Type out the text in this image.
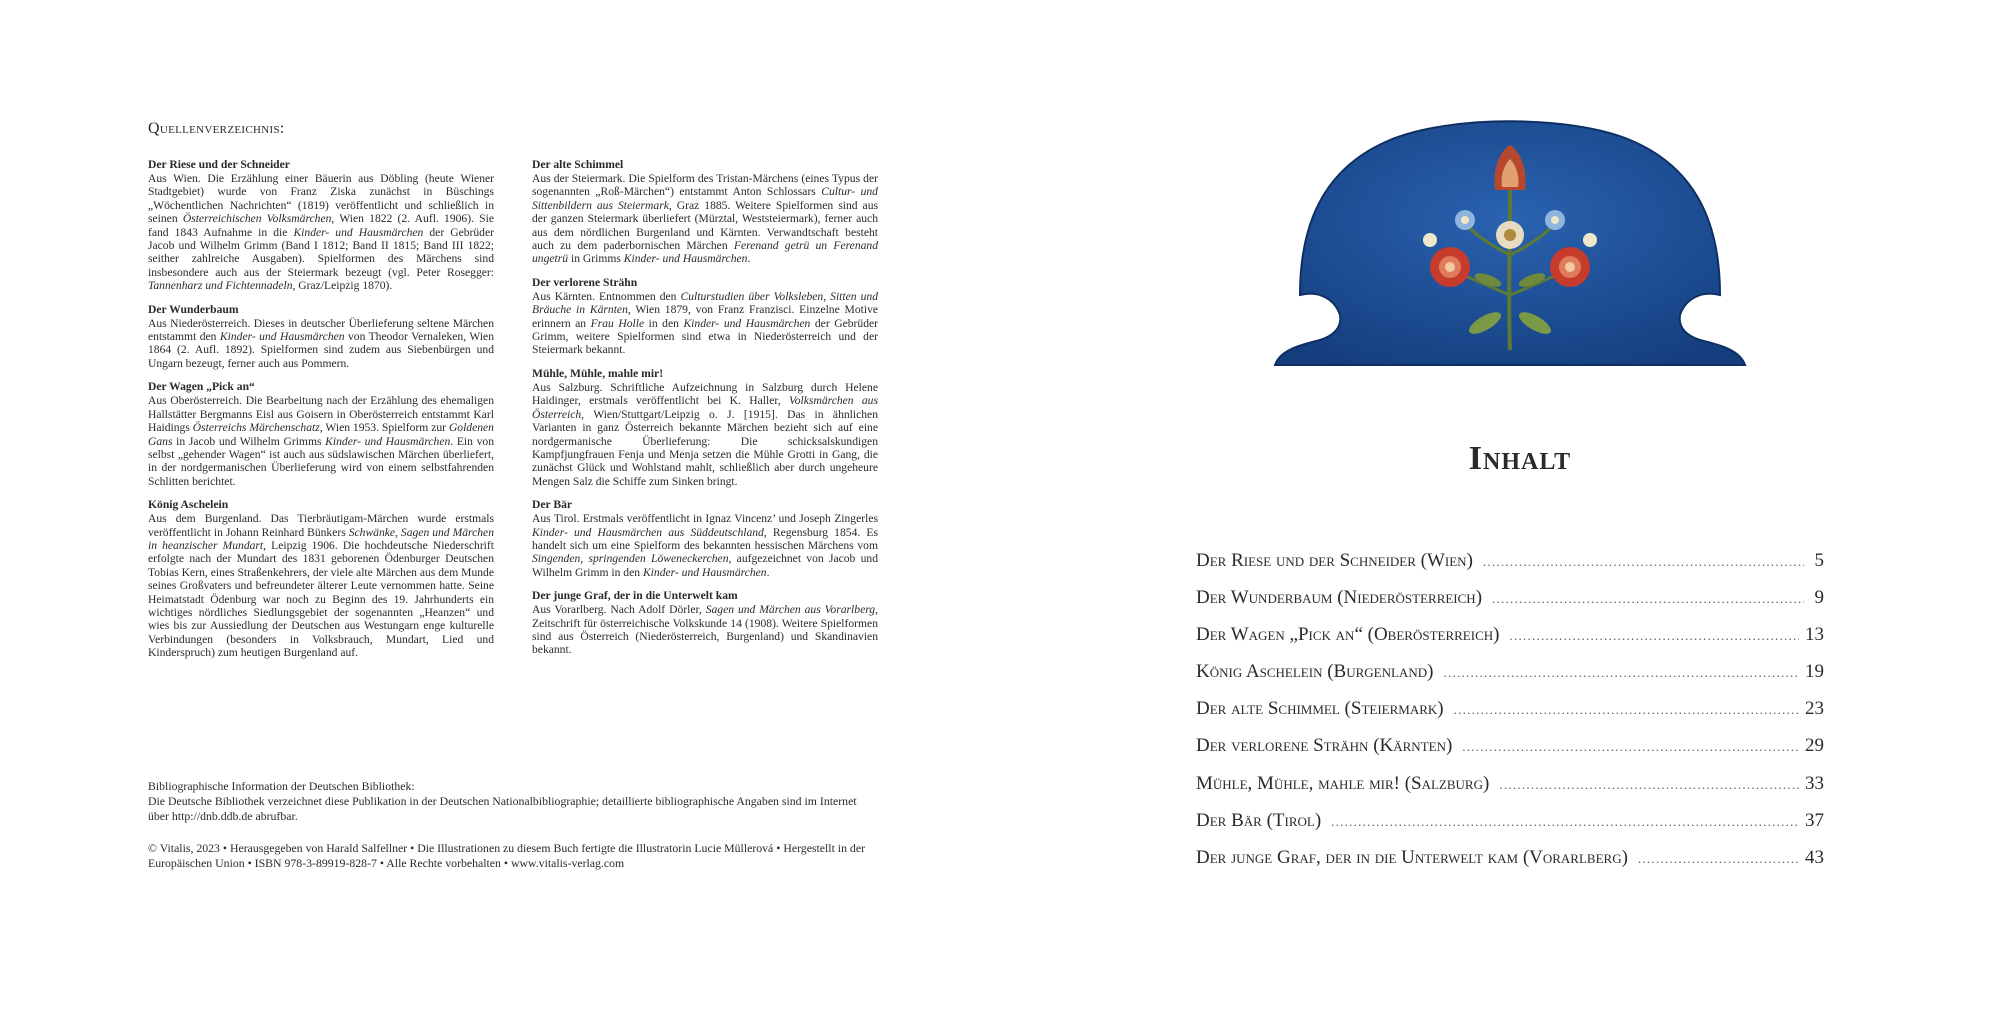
Quellenverzeichnis:
Der Riese und der Schneider
Aus Wien. Die Erzählung einer Bäuerin aus Döbling (heute Wiener Stadtgebiet) wurde von Franz Ziska zunächst in Büschings „Wöchentlichen Nachrichten“ (1819) veröffentlicht und schließlich in seinen Österreichischen Volksmärchen, Wien 1822 (2. Aufl. 1906). Sie fand 1843 Aufnahme in die Kinder- und Hausmärchen der Gebrüder Jacob und Wilhelm Grimm (Band I 1812; Band II 1815; Band III 1822; seither zahlreiche Ausgaben). Spielformen des Märchens sind insbesondere auch aus der Steiermark bezeugt (vgl. Peter Rosegger: Tannenharz und Fichtennadeln, Graz/Leipzig 1870).
Der Wunderbaum
Aus Niederösterreich. Dieses in deutscher Überlieferung seltene Märchen entstammt den Kinder- und Hausmärchen von Theodor Vernaleken, Wien 1864 (2. Aufl. 1892). Spielformen sind zudem aus Siebenbürgen und Ungarn bezeugt, ferner auch aus Pommern.
Der Wagen „Pick an“
Aus Oberösterreich. Die Bearbeitung nach der Erzählung des ehemaligen Hallstätter Bergmanns Eisl aus Goisern in Oberösterreich entstammt Karl Haidings Österreichs Märchenschatz, Wien 1953. Spielform zur Goldenen Gans in Jacob und Wilhelm Grimms Kinder- und Hausmärchen. Ein von selbst „gehender Wagen“ ist auch aus südslawischen Märchen überliefert, in der nordgermanischen Überlieferung wird von einem selbstfahrenden Schlitten berichtet.
König Aschelein
Aus dem Burgenland. Das Tierbräutigam-Märchen wurde erstmals veröffentlicht in Johann Reinhard Bünkers Schwänke, Sagen und Märchen in heanzischer Mundart, Leipzig 1906. Die hochdeutsche Niederschrift erfolgte nach der Mundart des 1831 geborenen Ödenburger Deutschen Tobias Kern, eines Straßenkehrers, der viele alte Märchen aus dem Munde seines Großvaters und befreundeter älterer Leute vernommen hatte. Seine Heimatstadt Ödenburg war noch zu Beginn des 19. Jahrhunderts ein wichtiges nördliches Siedlungsgebiet der sogenannten „Heanzen“ und wies bis zur Aussiedlung der Deutschen aus Westungarn enge kulturelle Verbindungen (besonders in Volksbrauch, Mundart, Lied und Kinderspruch) zum heutigen Burgenland auf.
Der alte Schimmel
Aus der Steiermark. Die Spielform des Tristan-Märchens (eines Typus der sogenannten „Roß-Märchen“) entstammt Anton Schlossars Cultur- und Sittenbildern aus Steiermark, Graz 1885. Weitere Spielformen sind aus der ganzen Steiermark überliefert (Mürztal, Weststeiermark), ferner auch aus dem nördlichen Burgenland und Kärnten. Verwandtschaft besteht auch zu dem paderbornischen Märchen Ferenand getrü un Ferenand ungetrü in Grimms Kinder- und Hausmärchen.
Der verlorene Strähn
Aus Kärnten. Entnommen den Culturstudien über Volksleben, Sitten und Bräuche in Kärnten, Wien 1879, von Franz Franzisci. Einzelne Motive erinnern an Frau Holle in den Kinder- und Hausmärchen der Gebrüder Grimm, weitere Spielformen sind etwa in Niederösterreich und der Steiermark bekannt.
Mühle, Mühle, mahle mir!
Aus Salzburg. Schriftliche Aufzeichnung in Salzburg durch Helene Haidinger, erstmals veröffentlicht bei K. Haller, Volksmärchen aus Österreich, Wien/Stuttgart/Leipzig o. J. [1915]. Das in ähnlichen Varianten in ganz Österreich bekannte Märchen bezieht sich auf eine nordgermanische Überlieferung: Die schicksalskundigen Kampfjungfrauen Fenja und Menja setzen die Mühle Grotti in Gang, die zunächst Glück und Wohlstand mahlt, schließlich aber durch ungeheure Mengen Salz die Schiffe zum Sinken bringt.
Der Bär
Aus Tirol. Erstmals veröffentlicht in Ignaz Vincenz’ und Joseph Zingerles Kinder- und Hausmärchen aus Süddeutschland, Regensburg 1854. Es handelt sich um eine Spielform des bekannten hessischen Märchens vom Singenden, springenden Löweneckerchen, aufgezeichnet von Jacob und Wilhelm Grimm in den Kinder- und Hausmärchen.
Der junge Graf, der in die Unterwelt kam
Aus Vorarlberg. Nach Adolf Dörler, Sagen und Märchen aus Vorarlberg, Zeitschrift für österreichische Volkskunde 14 (1908). Weitere Spielformen sind aus Österreich (Niederösterreich, Burgenland) und Skandinavien bekannt.

Bibliographische Information der Deutschen Bibliothek:

Die Deutsche Bibliothek verzeichnet diese Publikation in der Deutschen Nationalbibliographie; detaillierte bibliographische Angaben sind im Internet über http://dnb.ddb.de abrufbar.

© Vitalis, 2023 • Herausgegeben von Harald Salfellner • Die Illustrationen zu diesem Buch fertigte die Illustratorin Lucie Müllerová • Hergestellt in der Europäischen Union • ISBN 978-3-89919-828-7 • Alle Rechte vorbehalten • www.vitalis-verlag.com
Inhalt
Der Riese und der Schneider (Wien) . . .	5
Der Wunderbaum (Niederösterreich) . . .	9
Der Wagen „Pick an“ (Oberösterreich) . . .	13
König Aschelein (Burgenland) . . .	19
Der alte Schimmel (Steiermark) . . .	23
Der verlorene Strähn (Kärnten) . . .	29
Mühle, Mühle, mahle mir! (Salzburg) . . .	33
Der Bär (Tirol) . . .	37
Der junge Graf, der in die Unterwelt kam (Vorarlberg) . . .	43
